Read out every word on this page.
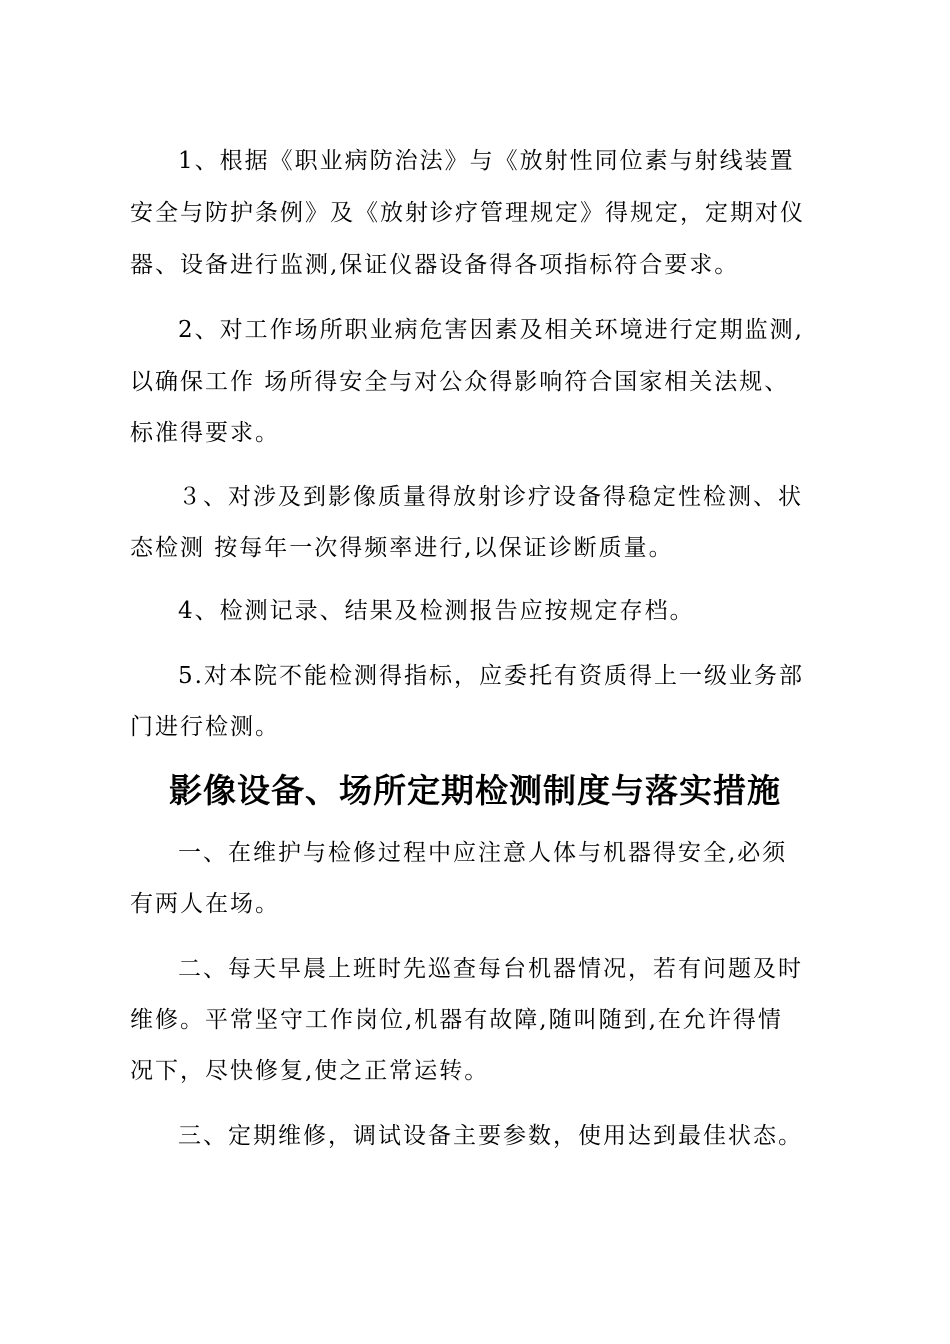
1、根据《职业病防治法》与《放射性同位素与射线装置
安全与防护条例》及《放射诊疗管理规定》得规定，定期对仪
器、设备进行监测,保证仪器设备得各项指标符合要求。
2、对工作场所职业病危害因素及相关环境进行定期监测,
以确保工作 场所得安全与对公众得影响符合国家相关法规、
标准得要求。
３、对涉及到影像质量得放射诊疗设备得稳定性检测、状
态检测 按每年一次得频率进行,以保证诊断质量。
4、检测记录、结果及检测报告应按规定存档。
5.对本院不能检测得指标，应委托有资质得上一级业务部
门进行检测。
影像设备、场所定期检测制度与落实措施
一、在维护与检修过程中应注意人体与机器得安全,必须
有两人在场。
二、每天早晨上班时先巡查每台机器情况，若有问题及时
维修。平常坚守工作岗位,机器有故障,随叫随到,在允许得情
况下，尽快修复,使之正常运转。
三、定期维修，调试设备主要参数，使用达到最佳状态。
